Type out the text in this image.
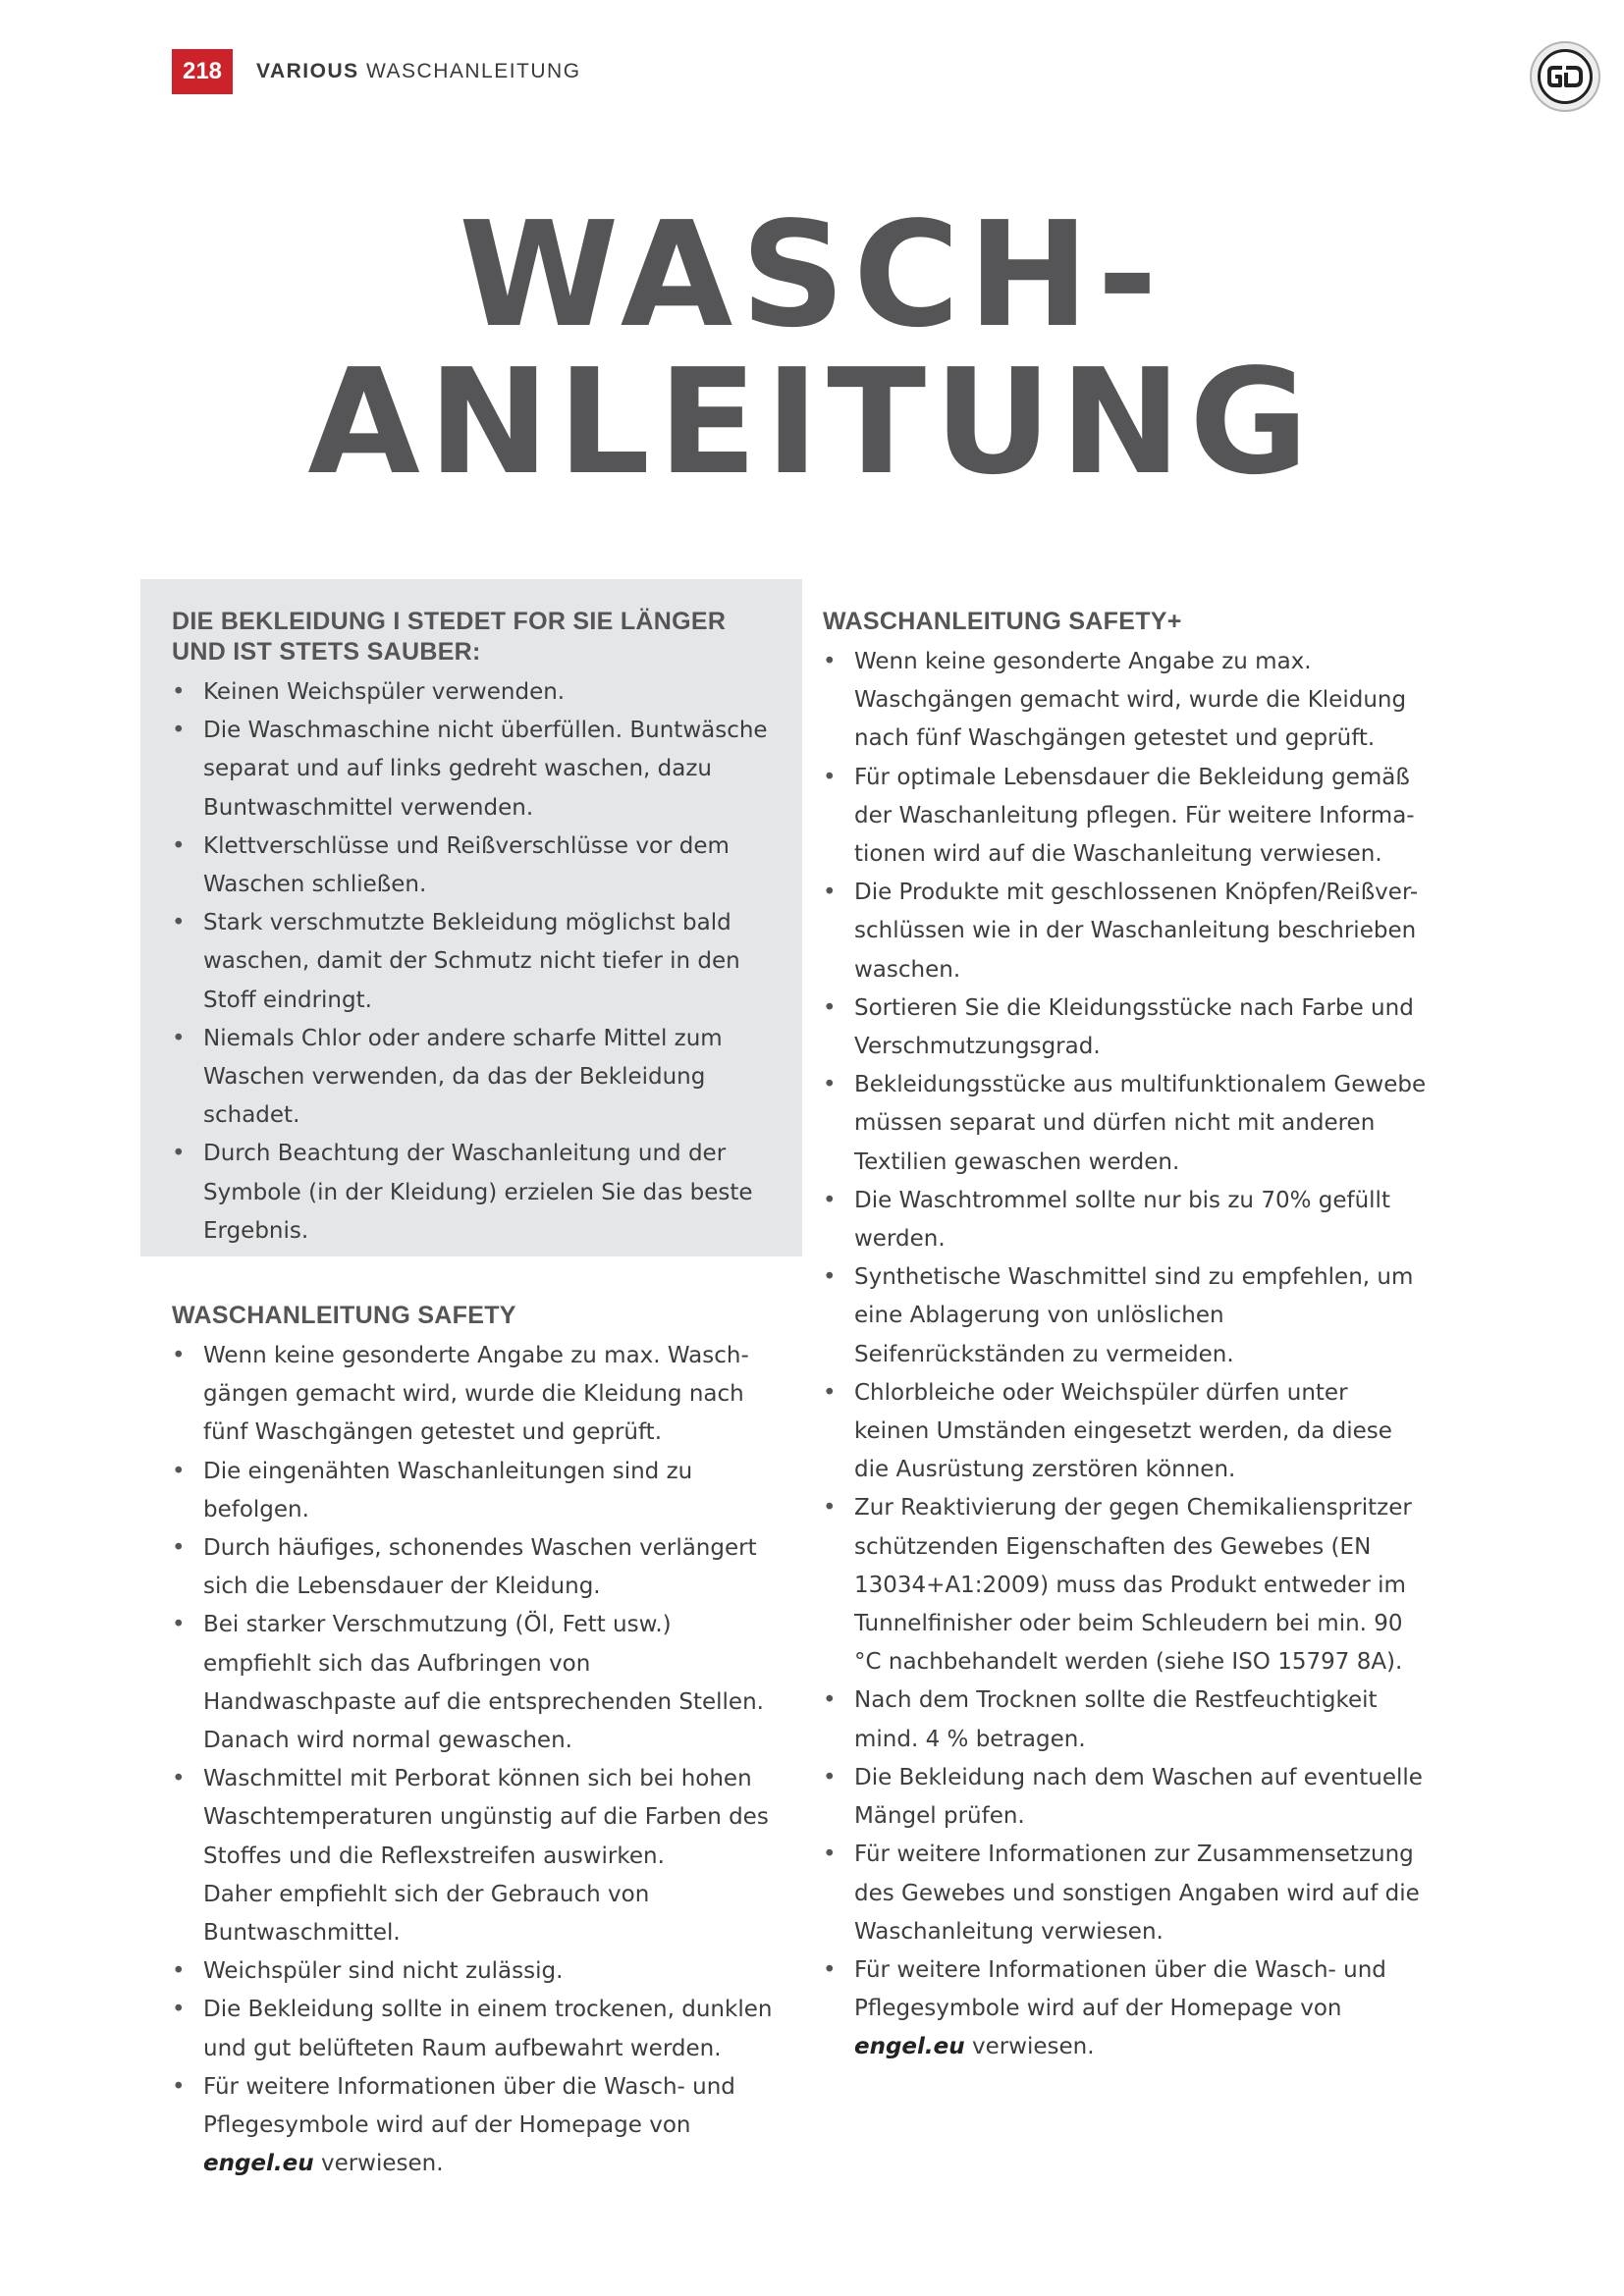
218	VARIOUS WASCHANLEITUNG
WASCH-
ANLEITUNG
DIE BEKLEIDUNG I STEDET FOR SIE LÄNGER UND IST STETS SAUBER:
• Keinen Weichspüler verwenden.
• Die Waschmaschine nicht überfüllen. Buntwäsche separat und auf links gedreht waschen, dazu Buntwaschmittel verwenden.
• Klettverschlüsse und Reißverschlüsse vor dem Waschen schließen.
• Stark verschmutzte Bekleidung möglichst bald waschen, damit der Schmutz nicht tiefer in den Stoff eindringt.
• Niemals Chlor oder andere scharfe Mittel zum Waschen verwenden, da das der Bekleidung schadet.
• Durch Beachtung der Waschanleitung und der Symbole (in der Kleidung) erzielen Sie das beste Ergebnis.
WASCHANLEITUNG SAFETY
• Wenn keine gesonderte Angabe zu max. Wasch-gängen gemacht wird, wurde die Kleidung nach fünf Waschgängen getestet und geprüft.
• Die eingenähten Waschanleitungen sind zu befolgen.
• Durch häufiges, schonendes Waschen verlängert sich die Lebensdauer der Kleidung.
• Bei starker Verschmutzung (Öl, Fett usw.) empfiehlt sich das Aufbringen von Handwaschpaste auf die entsprechenden Stellen. Danach wird normal gewaschen.
• Waschmittel mit Perborat können sich bei hohen Waschtemperaturen ungünstig auf die Farben des Stoffes und die Reflexstreifen auswirken.
Daher empfiehlt sich der Gebrauch von Buntwaschmittel.
• Weichspüler sind nicht zulässig.
• Die Bekleidung sollte in einem trockenen, dunklen und gut belüfteten Raum aufbewahrt werden.
• Für weitere Informationen über die Wasch- und Pflegesymbole wird auf der Homepage von
engel.eu verwiesen.
WASCHANLEITUNG SAFETY+
• Wenn keine gesonderte Angabe zu max. Waschgängen gemacht wird, wurde die Kleidung nach fünf Waschgängen getestet und geprüft.
• Für optimale Lebensdauer die Bekleidung gemäß der Waschanleitung pflegen. Für weitere Informa-tionen wird auf die Waschanleitung verwiesen.
• Die Produkte mit geschlossenen Knöpfen/Reißver-schlüssen wie in der Waschanleitung beschrieben waschen.
• Sortieren Sie die Kleidungsstücke nach Farbe und Verschmutzungsgrad.
• Bekleidungsstücke aus multifunktionalem Gewebe müssen separat und dürfen nicht mit anderen Textilien gewaschen werden.
• Die Waschtrommel sollte nur bis zu 70% gefüllt werden.
• Synthetische Waschmittel sind zu empfehlen, um eine Ablagerung von unlöslichen Seifenrückständen zu vermeiden.
• Chlorbleiche oder Weichspüler dürfen unter keinen Umständen eingesetzt werden, da diese die Ausrüstung zerstören können.
• Zur Reaktivierung der gegen Chemikalienspritzer schützenden Eigenschaften des Gewebes (EN 13034+A1:2009) muss das Produkt entweder im Tunnelfinisher oder beim Schleudern bei min. 90 °C nachbehandelt werden (siehe ISO 15797 8A).
• Nach dem Trocknen sollte die Restfeuchtigkeit mind. 4 % betragen.
• Die Bekleidung nach dem Waschen auf eventuelle Mängel prüfen.
• Für weitere Informationen zur Zusammensetzung des Gewebes und sonstigen Angaben wird auf die Waschanleitung verwiesen.
• Für weitere Informationen über die Wasch- und Pflegesymbole wird auf der Homepage von
engel.eu verwiesen.
